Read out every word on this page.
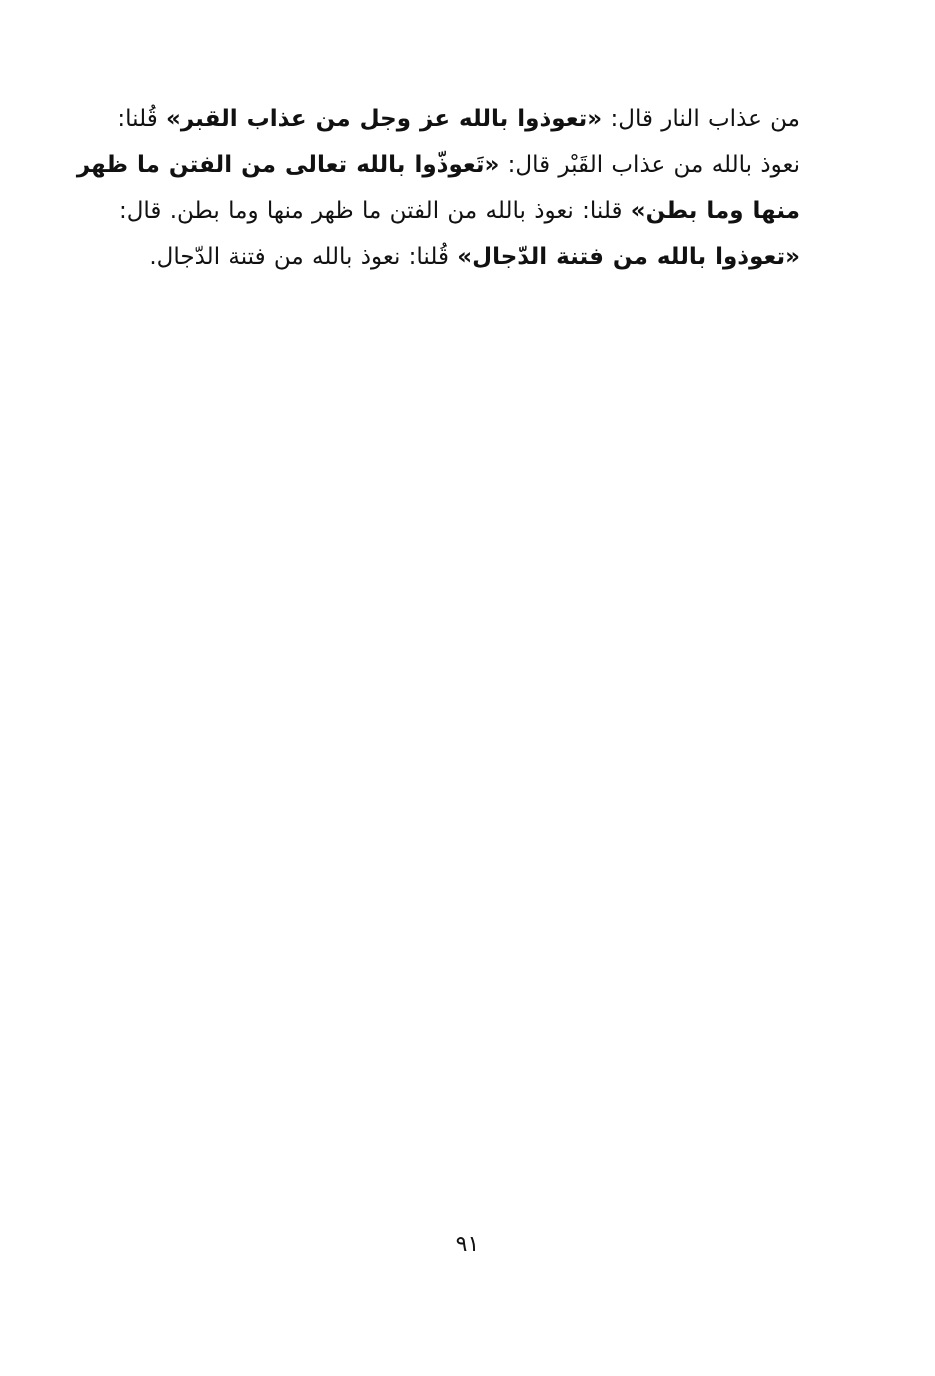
من عذاب النار قال: «تعوذوا بالله عز وجل من عذاب القبر» قُلنا:
نعوذ بالله من عذاب القَبْر قال: «تَعوذّوا بالله تعالى من الفتن ما ظهر
منها وما بطن» قلنا: نعوذ بالله من الفتن ما ظهر منها وما بطن. قال:
«تعوذوا بالله من فتنة الدّجال» قُلنا: نعوذ بالله من فتنة الدّجال.
٩١
